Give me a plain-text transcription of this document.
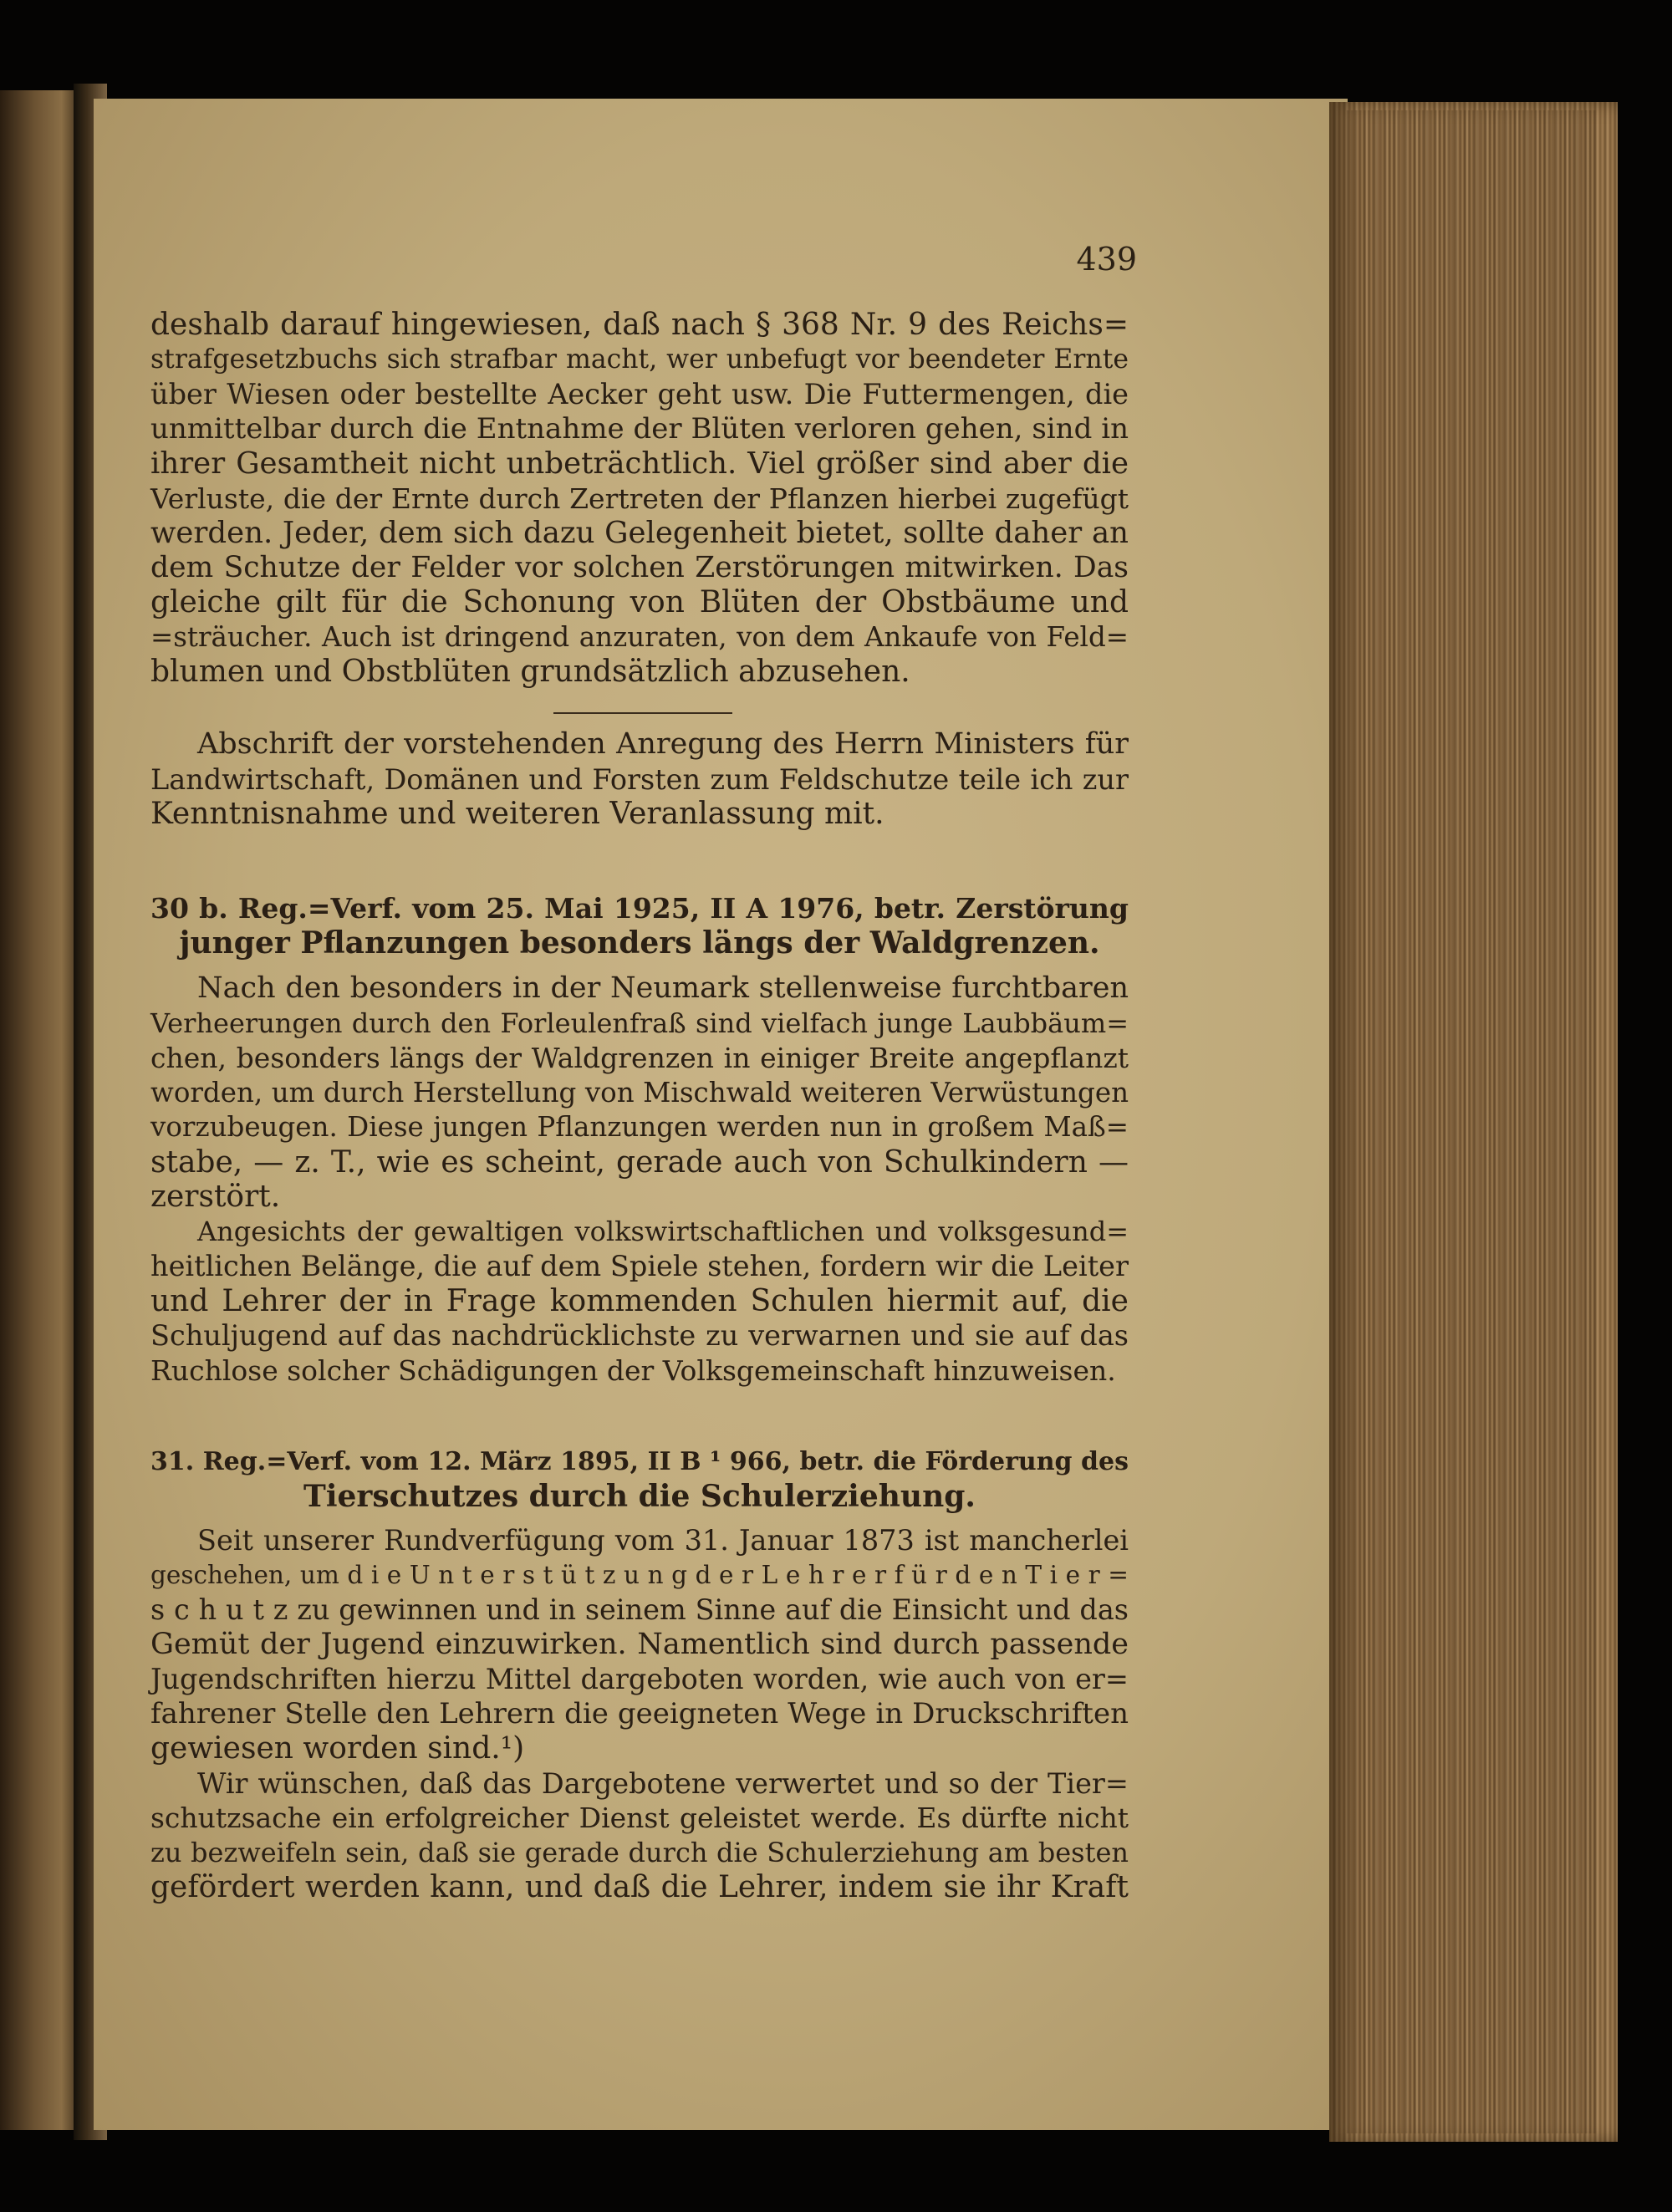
439
deshalb darauf hingewiesen, daß nach § 368 Nr. 9 des Reichs=
strafgesetzbuchs sich strafbar macht, wer unbefugt vor beendeter Ernte
über Wiesen oder bestellte Aecker geht usw. Die Futtermengen, die
unmittelbar durch die Entnahme der Blüten verloren gehen, sind in
ihrer Gesamtheit nicht unbeträchtlich. Viel größer sind aber die
Verluste, die der Ernte durch Zertreten der Pflanzen hierbei zugefügt
werden. Jeder, dem sich dazu Gelegenheit bietet, sollte daher an
dem Schutze der Felder vor solchen Zerstörungen mitwirken. Das
gleiche gilt für die Schonung von Blüten der Obstbäume und
=sträucher. Auch ist dringend anzuraten, von dem Ankaufe von Feld=
blumen und Obstblüten grundsätzlich abzusehen.
Abschrift der vorstehenden Anregung des Herrn Ministers für
Landwirtschaft, Domänen und Forsten zum Feldschutze teile ich zur
Kenntnisnahme und weiteren Veranlassung mit.
30 b. Reg.=Verf. vom 25. Mai 1925, II A 1976, betr. Zerstörung
junger Pflanzungen besonders längs der Waldgrenzen.
Nach den besonders in der Neumark stellenweise furchtbaren
Verheerungen durch den Forleulenfraß sind vielfach junge Laubbäum=
chen, besonders längs der Waldgrenzen in einiger Breite angepflanzt
worden, um durch Herstellung von Mischwald weiteren Verwüstungen
vorzubeugen. Diese jungen Pflanzungen werden nun in großem Maß=
stabe, — z. T., wie es scheint, gerade auch von Schulkindern —
zerstört.
Angesichts der gewaltigen volkswirtschaftlichen und volksgesund=
heitlichen Belänge, die auf dem Spiele stehen, fordern wir die Leiter
und Lehrer der in Frage kommenden Schulen hiermit auf, die
Schuljugend auf das nachdrücklichste zu verwarnen und sie auf das
Ruchlose solcher Schädigungen der Volksgemeinschaft hinzuweisen.
31. Reg.=Verf. vom 12. März 1895, II B ¹ 966, betr. die Förderung des
Tierschutzes durch die Schulerziehung.
Seit unserer Rundverfügung vom 31. Januar 1873 ist mancherlei
geschehen, um d i e U n t e r s t ü t z u n g d e r L e h r e r f ü r d e n T i e r =
s c h u t z zu gewinnen und in seinem Sinne auf die Einsicht und das
Gemüt der Jugend einzuwirken. Namentlich sind durch passende
Jugendschriften hierzu Mittel dargeboten worden, wie auch von er=
fahrener Stelle den Lehrern die geeigneten Wege in Druckschriften
gewiesen worden sind.¹)
Wir wünschen, daß das Dargebotene verwertet und so der Tier=
schutzsache ein erfolgreicher Dienst geleistet werde. Es dürfte nicht
zu bezweifeln sein, daß sie gerade durch die Schulerziehung am besten
gefördert werden kann, und daß die Lehrer, indem sie ihr Kraft
